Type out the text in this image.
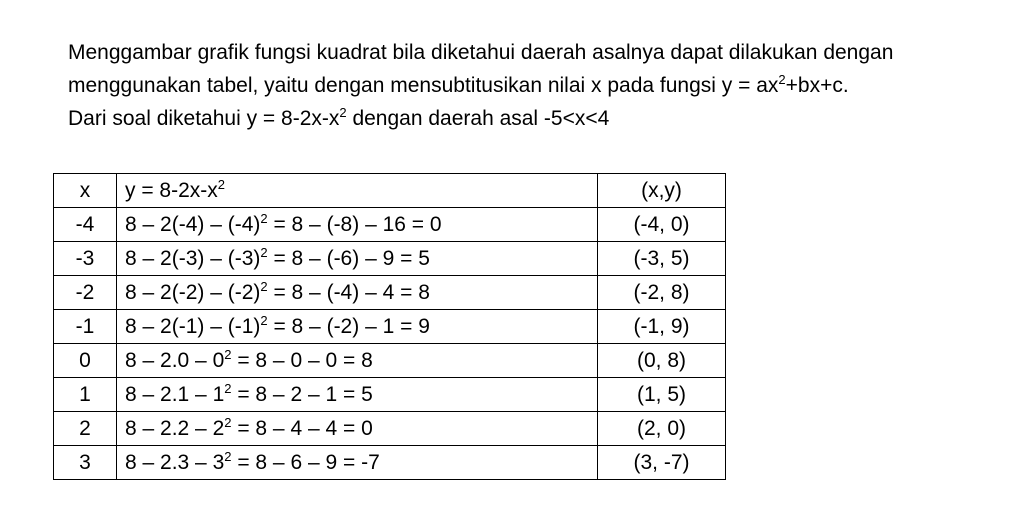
Menggambar grafik fungsi kuadrat bila diketahui daerah asalnya dapat dilakukan dengan menggunakan tabel, yaitu dengan mensubtitusikan nilai x pada fungsi $y = ax^2+bx+c$.

Dari soal diketahui $y = 8-2x-x^2$ dengan daerah asal -5<x<4

x	$y = 8-2x-x^2$	(x,y)
-4	$8 - 2(-4) - (-4)^2 = 8 - (-8) - 16 = 0$	(-4, 0)
-3	$8 - 2(-3) - (-3)^2 = 8 - (-6) - 9 = 5$	(-3, 5)
-2	$8 - 2(-2) - (-2)^2 = 8 - (-4) - 4 = 8$	(-2, 8)
-1	$8 - 2(-1) - (-1)^2 = 8 - (-2) - 1 = 9$	(-1, 9)
0	$8 - 2.0 - 0^2 = 8 - 0 - 0 = 8$	(0, 8)
1	$8 - 2.1 - 1^2 = 8 - 2 - 1 = 5$	(1, 5)
2	$8 - 2.2 - 2^2 = 8 - 4 - 4 = 0$	(2, 0)
3	$8 - 2.3 - 3^2 = 8 - 6 - 9 = -7$	(3, -7)
